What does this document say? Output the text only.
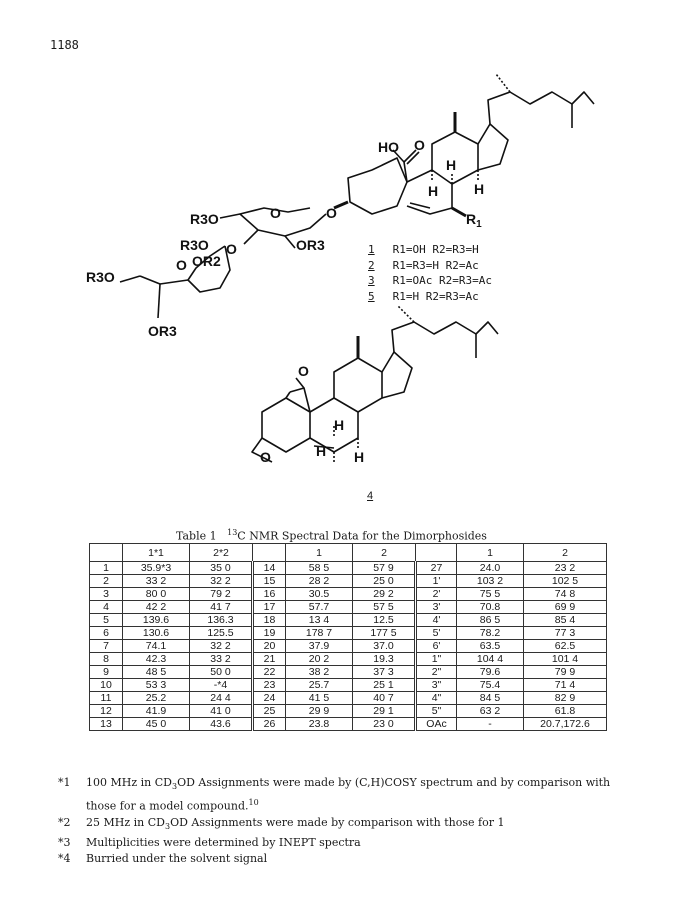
1188
HO O
H
H
H
$R_1$
O
O
R3O
R3O	OR3
O
O OR2
R3O
OR3
O
O	H
H
H
1 R1=OH R2=R3=H
2 R1=R3=H R2=Ac
3 R1=OAc R2=R3=Ac
5 R1=H R2=R3=Ac
4
Table 1 $^{13}$C NMR Spectral Data for the Dimorphosides
	1*1	2*2		1	2		1	2
1	35.9*3	35 0	14	58 5	57 9	27	24.0	23 2
2	33 2	32 2	15	28 2	25 0	1'	103 2	102 5
3	80 0	79 2	16	30.5	29 2	2'	75 5	74 8
4	42 2	41 7	17	57.7	57 5	3'	70.8	69 9
5	139.6	136.3	18	13 4	12.5	4'	86 5	85 4
6	130.6	125.5	19	178 7	177 5	5'	78.2	77 3
7	74.1	32 2	20	37.9	37.0	6'	63.5	62.5
8	42.3	33 2	21	20 2	19.3	1"	104 4	101 4
9	48 5	50 0	22	38 2	37 3	2"	79.6	79 9
10	53 3	-*4	23	25.7	25 1	3"	75.4	71 4
11	25.2	24 4	24	41 5	40 7	4"	84 5	82 9
12	41.9	41 0	25	29 9	29 1	5"	63 2	61.8
13	45 0	43.6	26	23.8	23 0	OAc	-	20.7,172.6
*1	100 MHz in $CD_3OD$ Assignments were made by (C,H)COSY spectrum and by comparison with those for a model compound.$^{10}$
*2	25 MHz in $CD_3OD$ Assignments were made by comparison with those for 1
*3	Multiplicities were determined by INEPT spectra
*4	Burried under the solvent signal
